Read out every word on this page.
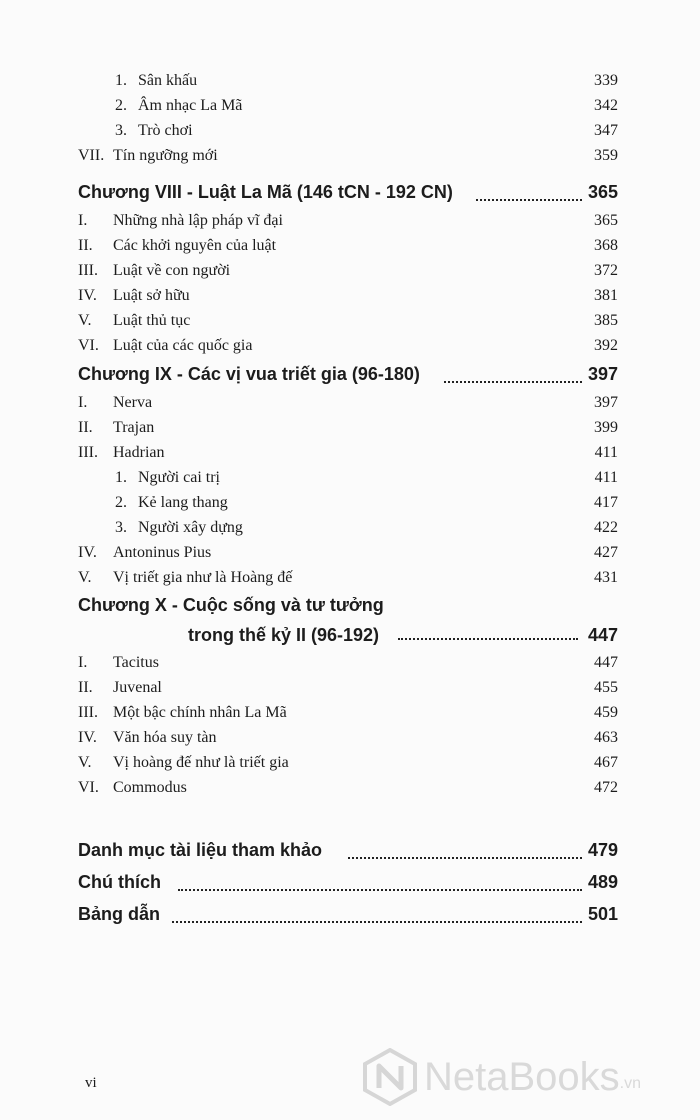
1. Sân khấu	339
2. Âm nhạc La Mã	342
3. Trò chơi	347
VII. Tín ngưỡng mới	359
Chương VIII - Luật La Mã (146 tCN - 192 CN)	365
I. Những nhà lập pháp vĩ đại	365
II. Các khởi nguyên của luật	368
III. Luật về con người	372
IV. Luật sở hữu	381
V. Luật thủ tục	385
VI. Luật của các quốc gia	392
Chương IX - Các vị vua triết gia (96-180)	397
I. Nerva	397
II. Trajan	399
III. Hadrian	411
1. Người cai trị	411
2. Kẻ lang thang	417
3. Người xây dựng	422
IV. Antoninus Pius	427
V. Vị triết gia như là Hoàng đế	431
Chương X - Cuộc sống và tư tưởng
trong thế kỷ II (96-192)	447
I. Tacitus	447
II. Juvenal	455
III. Một bậc chính nhân La Mã	459
IV. Văn hóa suy tàn	463
V. Vị hoàng đế như là triết gia	467
VI. Commodus	472
Danh mục tài liệu tham khảo	479
Chú thích	489
Bảng dẫn	501
vi	NetaBooks .vn
